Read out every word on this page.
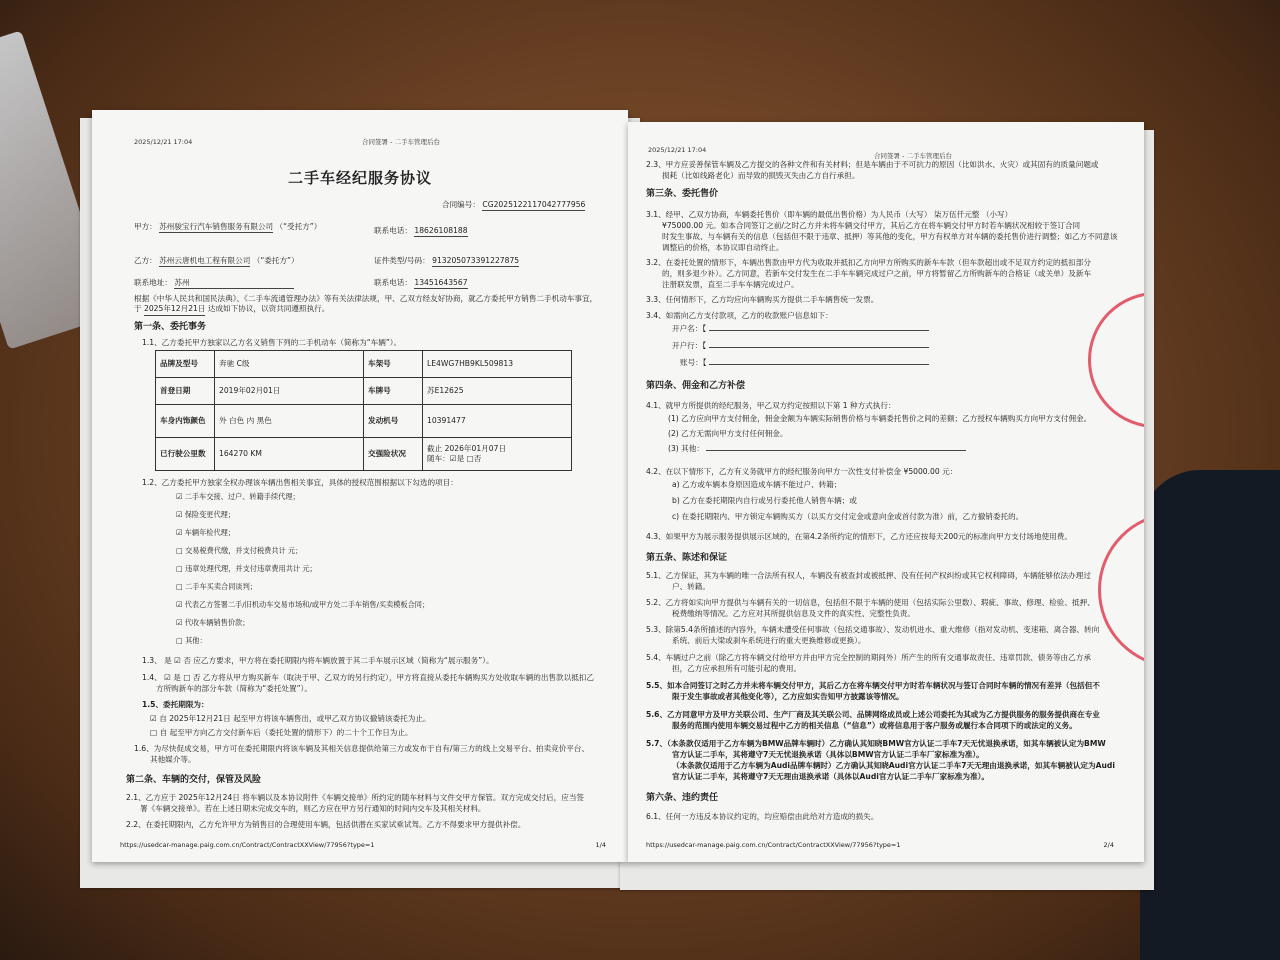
2025/12/21 17:04	合同签署 - 二手车管理后台
二手车经纪服务协议
合同编号： CG2025122117042777956
甲方： 苏州骏宝行汽车销售服务有限公司 （“受托方”）	联系电话： 18626108188
乙方： 苏州云唐机电工程有限公司 （“委托方”）	证件类型/号码： 913205073391227875
联系地址： 苏州	联系电话： 13451643567
根据《中华人民共和国民法典》、《二手车流通管理办法》等有关法律法规，甲、乙双方经友好协商，就乙方委托甲方销售二手机动车事宜，于 2025年12月21日 达成如下协议，以资共同遵照执行。
第一条、委托事务
1.1、乙方委托甲方独家以乙方名义销售下列的二手机动车（简称为“车辆”）。
品牌及型号	奔驰 C级	车架号	LE4WG7HB9KL509813
首登日期	2019年02月01日	车牌号	苏E12625
车身内饰颜色	外 白色 内 黑色	发动机号	10391477
已行驶公里数	164270 KM	交强险状况	截止 2026年01月07日
随车：☑是 □否
1.2、乙方委托甲方独家全权办理该车辆出售相关事宜，具体的授权范围根据以下勾选的项目：
☑ 二手车交接、过户、转籍手续代理；
☑ 保险变更代理；
☑ 车辆年检代理；
□ 交易税费代缴，并支付税费共计 元；
□ 违章处理代理，并支付违章费用共计 元；
□ 二手车买卖合同谈判；
☑ 代表乙方签署二手/旧机动车交易市场和/或甲方处二手车销售/买卖模板合同；
☑ 代收车辆销售价款；
□ 其他：
1.3、 是 ☑ 否 应乙方要求，甲方将在委托期限内将车辆放置于其二手车展示区域（简称为“展示服务”）。
1.4、 ☑ 是 □ 否 乙方将从甲方购买新车（取决于甲、乙双方的另行约定），甲方将直接从委托车辆购买方处收取车辆的出售款以抵扣乙
方所购新车的部分车款（简称为“委托处置”）。
1.5、委托期限为：
☑ 自 2025年12月21日 起至甲方将该车辆售出，或甲乙双方协议撤销该委托为止。
□ 自 起至甲方向乙方交付新车后（委托处置的情形下）的二十个工作日为止。
1.6、为尽快促成交易，甲方可在委托期限内将该车辆及其相关信息提供给第三方或发布于自有/第三方的线上交易平台、拍卖竞价平台、
其他媒介等。
第二条、车辆的交付，保管及风险
2.1、乙方应于 2025年12月24日 将车辆以及本协议附件《车辆交接单》所约定的随车材料与文件交甲方保管。双方完成交付后，应当签
署《车辆交接单》。若在上述日期未完成交车的，则乙方应在甲方另行通知的时间内交车及其相关材料。
2.2、在委托期限内，乙方允许甲方为销售目的合理使用车辆，包括供潜在买家试乘试驾。乙方不得要求甲方提供补偿。
https://usedcar-manage.paig.com.cn/Contract/ContractXXView/77956?type=1	1/4
2025/12/21 17:04
合同签署 - 二手车管理后台
2.3、甲方应妥善保管车辆及乙方提交的各种文件和有关材料；但是车辆由于不可抗力的原因（比如洪水、火灾）或其固有的质量问题或
损耗（比如线路老化）而导致的损毁灭失由乙方自行承担。
第三条、委托售价
3.1、经甲、乙双方协商，车辆委托售价（即车辆的最低出售价格）为人民币（大写） 柒万伍仟元整 （小写）
¥75000.00 元。如本合同签订之前/之时乙方并未将车辆交付甲方，其后乙方在将车辆交付甲方时若车辆状况相较于签订合同
时发生事故、与车辆有关的信息（包括但不限于违章、抵押）等其他的变化，甲方有权单方对车辆的委托售价进行调整；如乙方不同意该
调整后的价格，本协议即自动终止。
3.2、在委托处置的情形下，车辆出售款由甲方代为收取并抵扣乙方向甲方所购买的新车车款（但车款超出或不足双方约定的抵扣部分
的，则多退少补）。乙方同意，若新车交付发生在二手车车辆完成过户之前，甲方将暂留乙方所购新车的合格证（或关单）及新车
注册联发票，直至二手车车辆完成过户。
3.3、任何情形下，乙方均应向车辆购买方提供二手车辆售统一发票。
3.4、如需向乙方支付款项，乙方的收款账户信息如下：
开户名：【
开户行：【
账号：【
第四条、佣金和乙方补偿
4.1、就甲方所提供的经纪服务，甲乙双方约定按照以下第 1 种方式执行：
(1) 乙方应向甲方支付佣金，佣金金额为车辆实际销售价格与车辆委托售价之间的差额；乙方授权车辆购买方向甲方支付佣金。
(2) 乙方无需向甲方支付任何佣金。
(3) 其他：
4.2、在以下情形下，乙方有义务就甲方的经纪服务向甲方一次性支付补偿金 ¥5000.00 元：
a) 乙方或车辆本身原因造成车辆不能过户、转籍；
b) 乙方在委托期限内自行或另行委托他人销售车辆；或
c) 在委托期限内、甲方锁定车辆购买方（以买方交付定金或意向金或首付款为准）前，乙方撤销委托的。
4.3、如果甲方为展示服务提供展示区域的，在第4.2条所约定的情形下，乙方还应按每天200元的标准向甲方支付场地使用费。
第五条、陈述和保证
5.1、乙方保证，其为车辆的唯一合法所有权人，车辆没有被查封或被抵押、没有任何产权纠纷或其它权利障碍，车辆能够依法办理过
户、转籍。
5.2、乙方将如实向甲方提供与车辆有关的一切信息，包括但不限于车辆的使用（包括实际公里数）、瑕疵、事故、修理、检验、抵押、
税费缴纳等情况。乙方应对其所提供信息及文件的真实性、完整性负责。
5.3、除第5.4条所描述的内容外，车辆未遭受任何事故（包括交通事故）、发动机进水、重大维修（指对发动机、变速箱、离合器、转向
系统、前后大梁或刹车系统进行的重大更换维修或更换）。
5.4、车辆过户之前（除乙方将车辆交付给甲方并由甲方完全控制的期间外）所产生的所有交通事故责任、违章罚款、债务等由乙方承
担，乙方应承担所有可能引起的费用。
5.5、如本合同签订之时乙方并未将车辆交付甲方，其后乙方在将车辆交付甲方时若车辆状况与签订合同时车辆的情况有差异（包括但不
限于发生事故或者其他变化等），乙方应如实告知甲方披露该等情况。
5.6、乙方同意甲方及甲方关联公司、生产厂商及其关联公司、品牌网络成员或上述公司委托为其或为乙方提供服务的服务提供商在专业
服务的范围内使用车辆交易过程中乙方的相关信息（“信息”）或将信息用于客户服务或履行本合同项下的或法定的义务。
5.7、（本条款仅适用于乙方车辆为BMW品牌车辆时）乙方确认其知晓BMW官方认证二手车7天无忧退换承诺，如其车辆被认定为BMW
官方认证二手车，其将遵守7天无忧退换承诺（具体以BMW官方认证二手车厂家标准为准）。
（本条款仅适用于乙方车辆为Audi品牌车辆时）乙方确认其知晓Audi官方认证二手车7天无理由退换承诺，如其车辆被认定为Audi
官方认证二手车，其将遵守7天无理由退换承诺（具体以Audi官方认证二手车厂家标准为准）。
第六条、违约责任
6.1、任何一方违反本协议约定的，均应赔偿由此给对方造成的损失。
https://usedcar-manage.paig.com.cn/Contract/ContractXXView/77956?type=1	2/4
